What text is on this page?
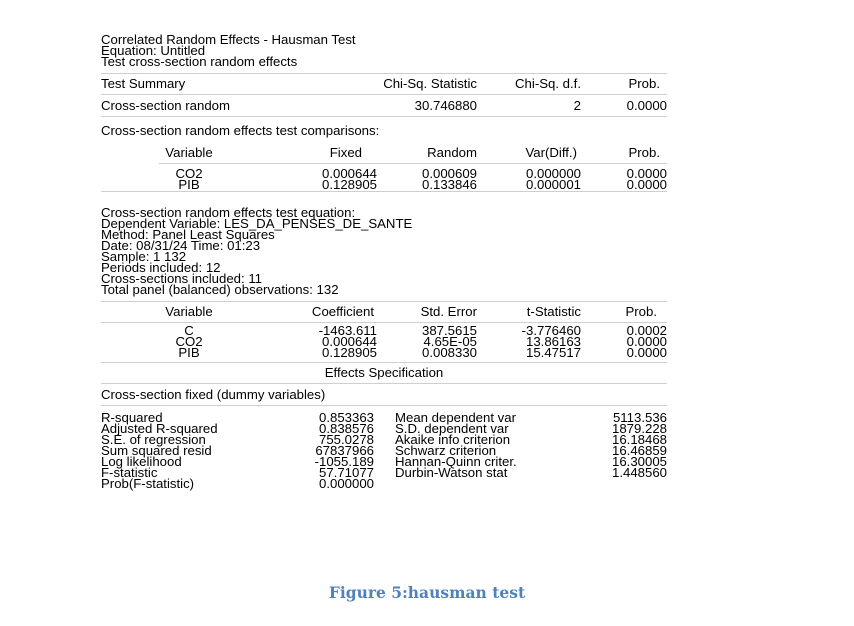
Correlated Random Effects - Hausman Test
Equation: Untitled
Test cross-section random effects
Test Summary	Chi-Sq. Statistic	Chi-Sq. d.f.	Prob.
Cross-section random	30.746880	2	0.0000
Cross-section random effects test comparisons:
Variable	Fixed	Random	Var(Diff.)	Prob.
CO2	0.000644	0.000609	0.000000	0.0000
PIB	0.128905	0.133846	0.000001	0.0000
Cross-section random effects test equation:
Dependent Variable: LES_DA_PENSES_DE_SANTE
Method: Panel Least Squares
Date: 08/31/24 Time: 01:23
Sample: 1 132
Periods included: 12
Cross-sections included: 11
Total panel (balanced) observations: 132
Variable	Coefficient	Std. Error	t-Statistic	Prob.
C	-1463.611	387.5615	-3.776460	0.0002
CO2	0.000644	4.65E-05	13.86163	0.0000
PIB	0.128905	0.008330	15.47517	0.0000
Effects Specification
Cross-section fixed (dummy variables)
R-squared	0.853363 Mean dependent var	5113.536
Adjusted R-squared	0.838576 S.D. dependent var	1879.228
S.E. of regression	755.0278 Akaike info criterion	16.18468
Sum squared resid	67837966 Schwarz criterion	16.46859
Log likelihood	-1055.189 Hannan-Quinn criter.	16.30005
F-statistic	57.71077 Durbin-Watson stat	1.448560
Prob(F-statistic)	0.000000
Figure 5:hausman test
